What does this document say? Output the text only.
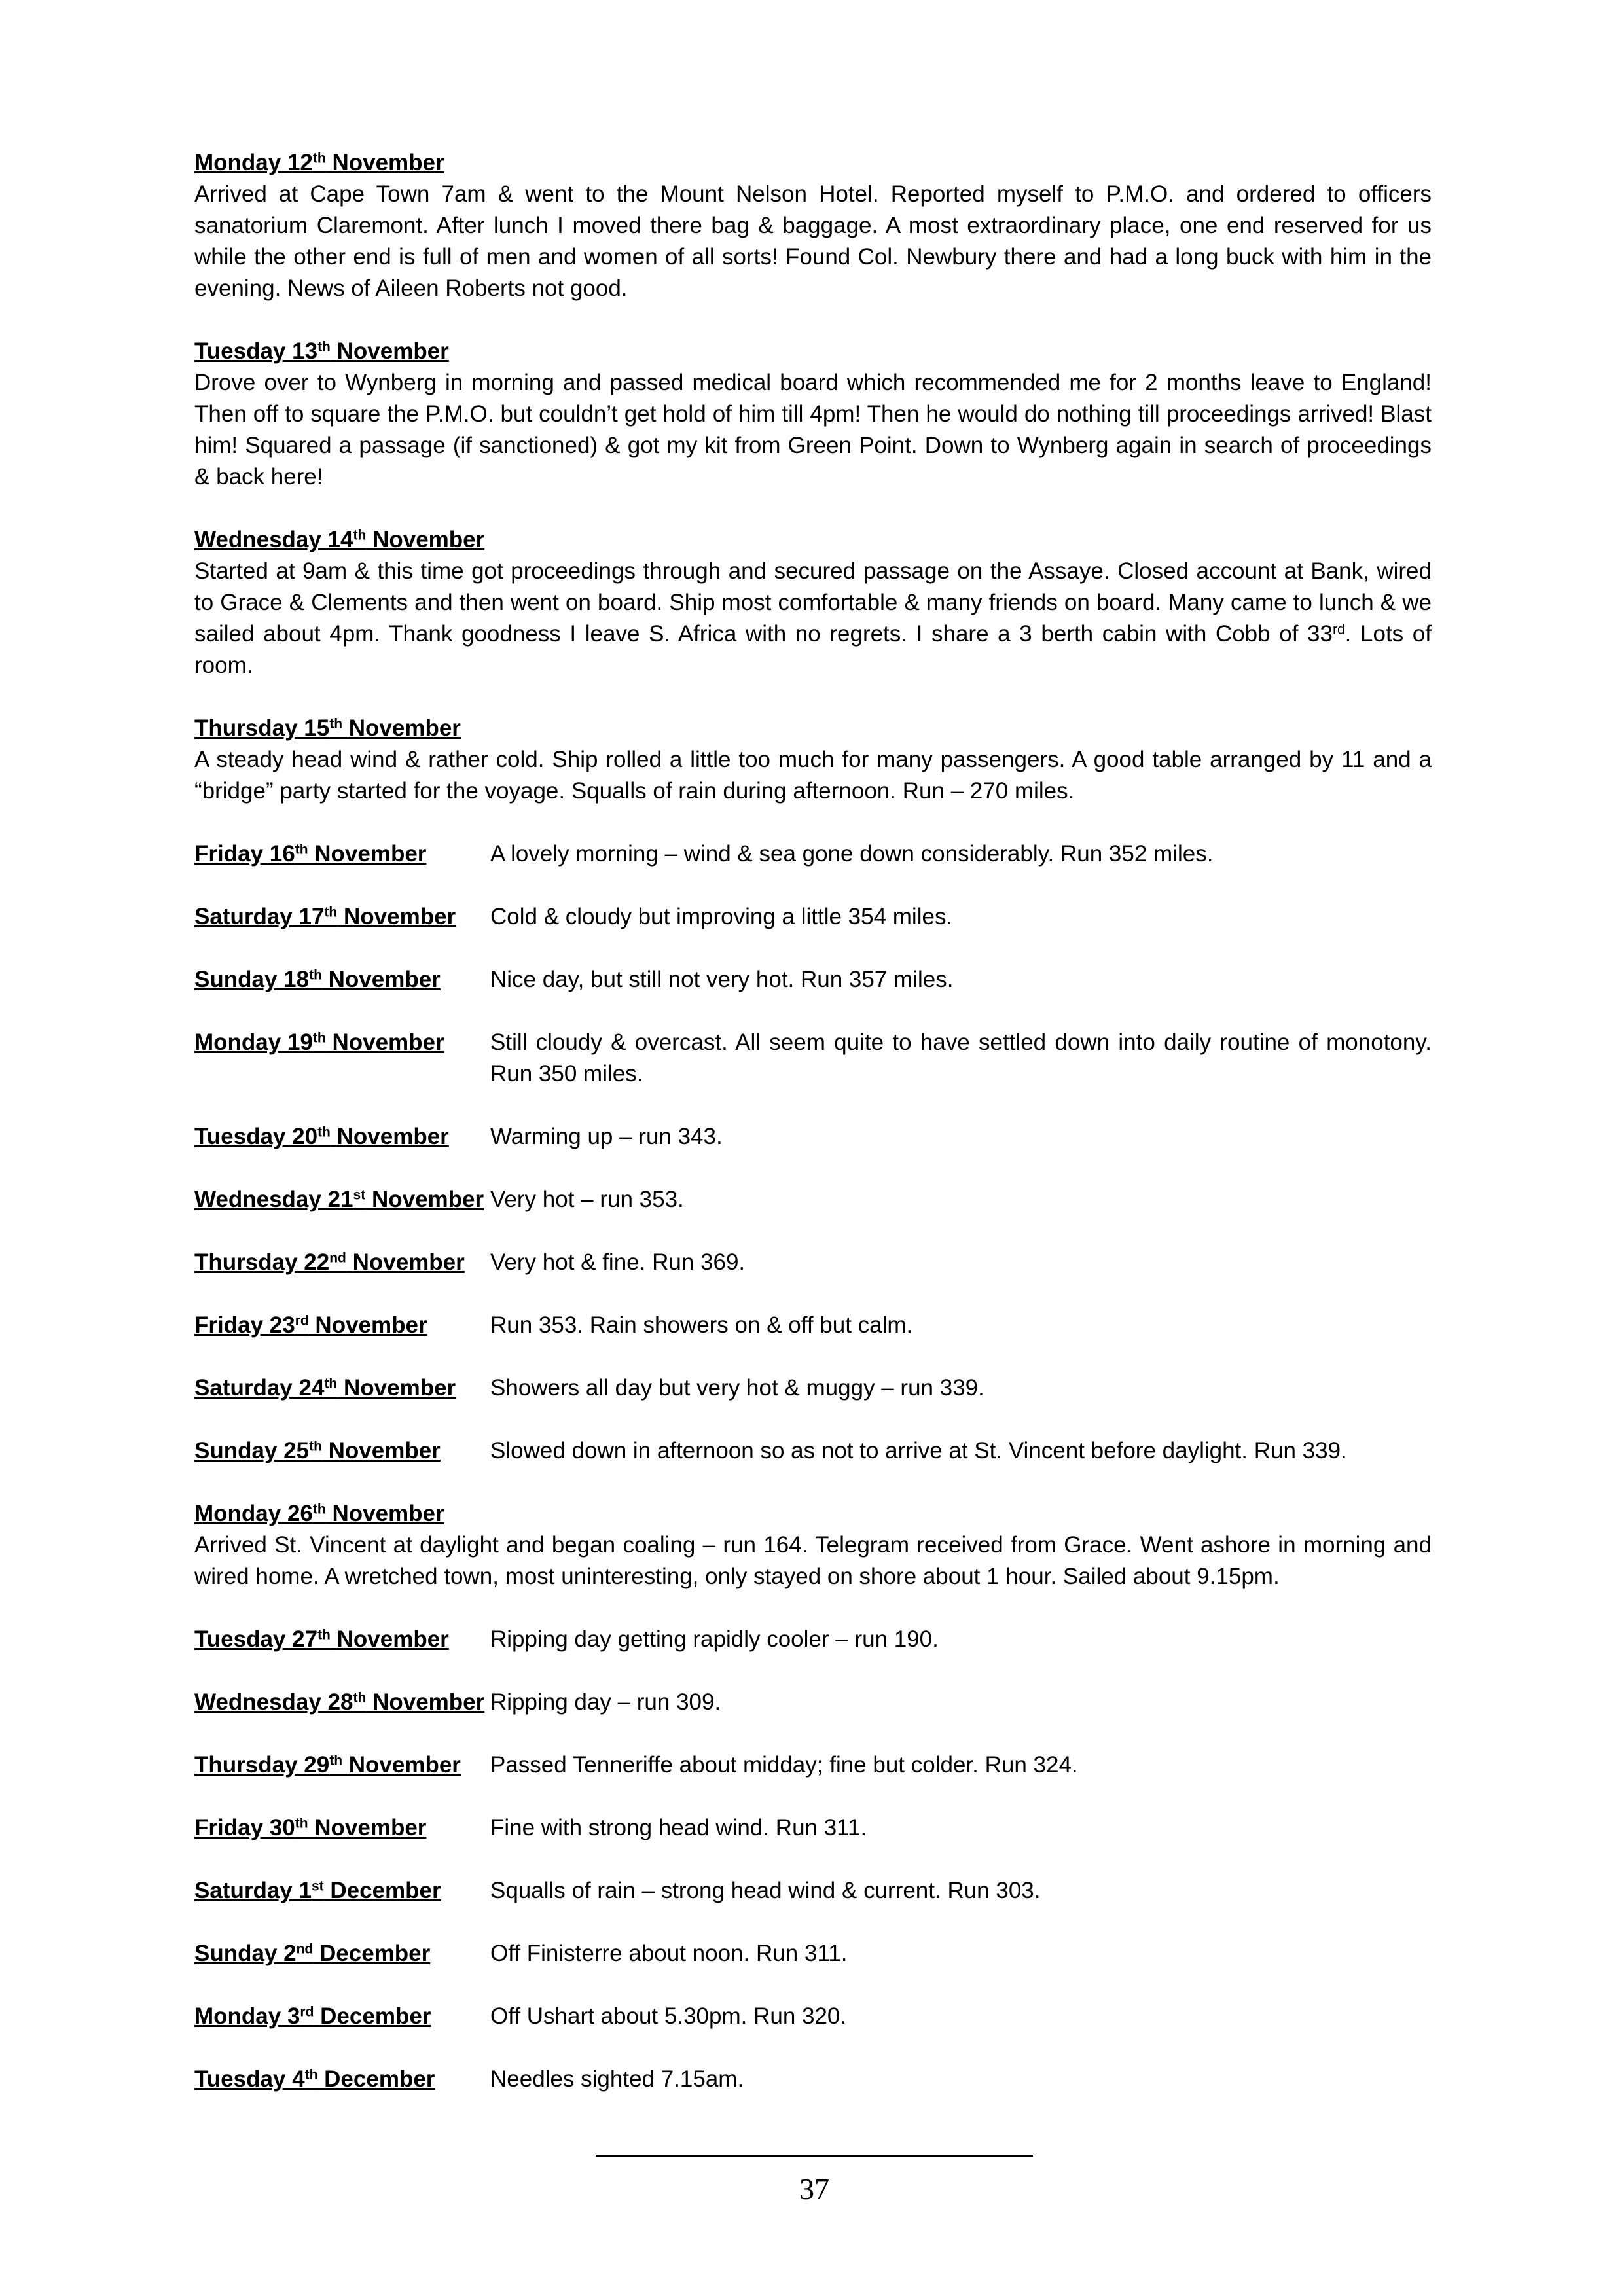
Monday 12th November
Arrived at Cape Town 7am & went to the Mount Nelson Hotel. Reported myself to P.M.O. and ordered to officers sanatorium Claremont. After lunch I moved there bag & baggage. A most extraordinary place, one end reserved for us while the other end is full of men and women of all sorts! Found Col. Newbury there and had a long buck with him in the evening. News of Aileen Roberts not good.
Tuesday 13th November
Drove over to Wynberg in morning and passed medical board which recommended me for 2 months leave to England! Then off to square the P.M.O. but couldn’t get hold of him till 4pm! Then he would do nothing till proceedings arrived! Blast him! Squared a passage (if sanctioned) & got my kit from Green Point. Down to Wynberg again in search of proceedings & back here!
Wednesday 14th November
Started at 9am & this time got proceedings through and secured passage on the Assaye. Closed account at Bank, wired to Grace & Clements and then went on board. Ship most comfortable & many friends on board. Many came to lunch & we sailed about 4pm. Thank goodness I leave S. Africa with no regrets. I share a 3 berth cabin with Cobb of 33rd. Lots of room.
Thursday 15th November
A steady head wind & rather cold. Ship rolled a little too much for many passengers. A good table arranged by 11 and a “bridge” party started for the voyage. Squalls of rain during afternoon. Run – 270 miles.
Friday 16th November	A lovely morning – wind & sea gone down considerably. Run 352 miles.
Saturday 17th November	Cold & cloudy but improving a little 354 miles.
Sunday 18th November	Nice day, but still not very hot. Run 357 miles.
Monday 19th November	Still cloudy & overcast. All seem quite to have settled down into daily routine of monotony. Run 350 miles.
Tuesday 20th November	Warming up – run 343.
Wednesday 21st November Very hot – run 353.
Thursday 22nd November	Very hot & fine. Run 369.
Friday 23rd November	Run 353. Rain showers on & off but calm.
Saturday 24th November	Showers all day but very hot & muggy – run 339.
Sunday 25th November	Slowed down in afternoon so as not to arrive at St. Vincent before daylight. Run 339.
Monday 26th November
Arrived St. Vincent at daylight and began coaling – run 164. Telegram received from Grace. Went ashore in morning and wired home. A wretched town, most uninteresting, only stayed on shore about 1 hour. Sailed about 9.15pm.
Tuesday 27th November	Ripping day getting rapidly cooler – run 190.
Wednesday 28th November Ripping day – run 309.
Thursday 29th November	Passed Tenneriffe about midday; fine but colder. Run 324.
Friday 30th November	Fine with strong head wind. Run 311.
Saturday 1st December	Squalls of rain – strong head wind & current. Run 303.
Sunday 2nd December	Off Finisterre about noon. Run 311.
Monday 3rd December	Off Ushart about 5.30pm. Run 320.
Tuesday 4th December	Needles sighted 7.15am.
37
